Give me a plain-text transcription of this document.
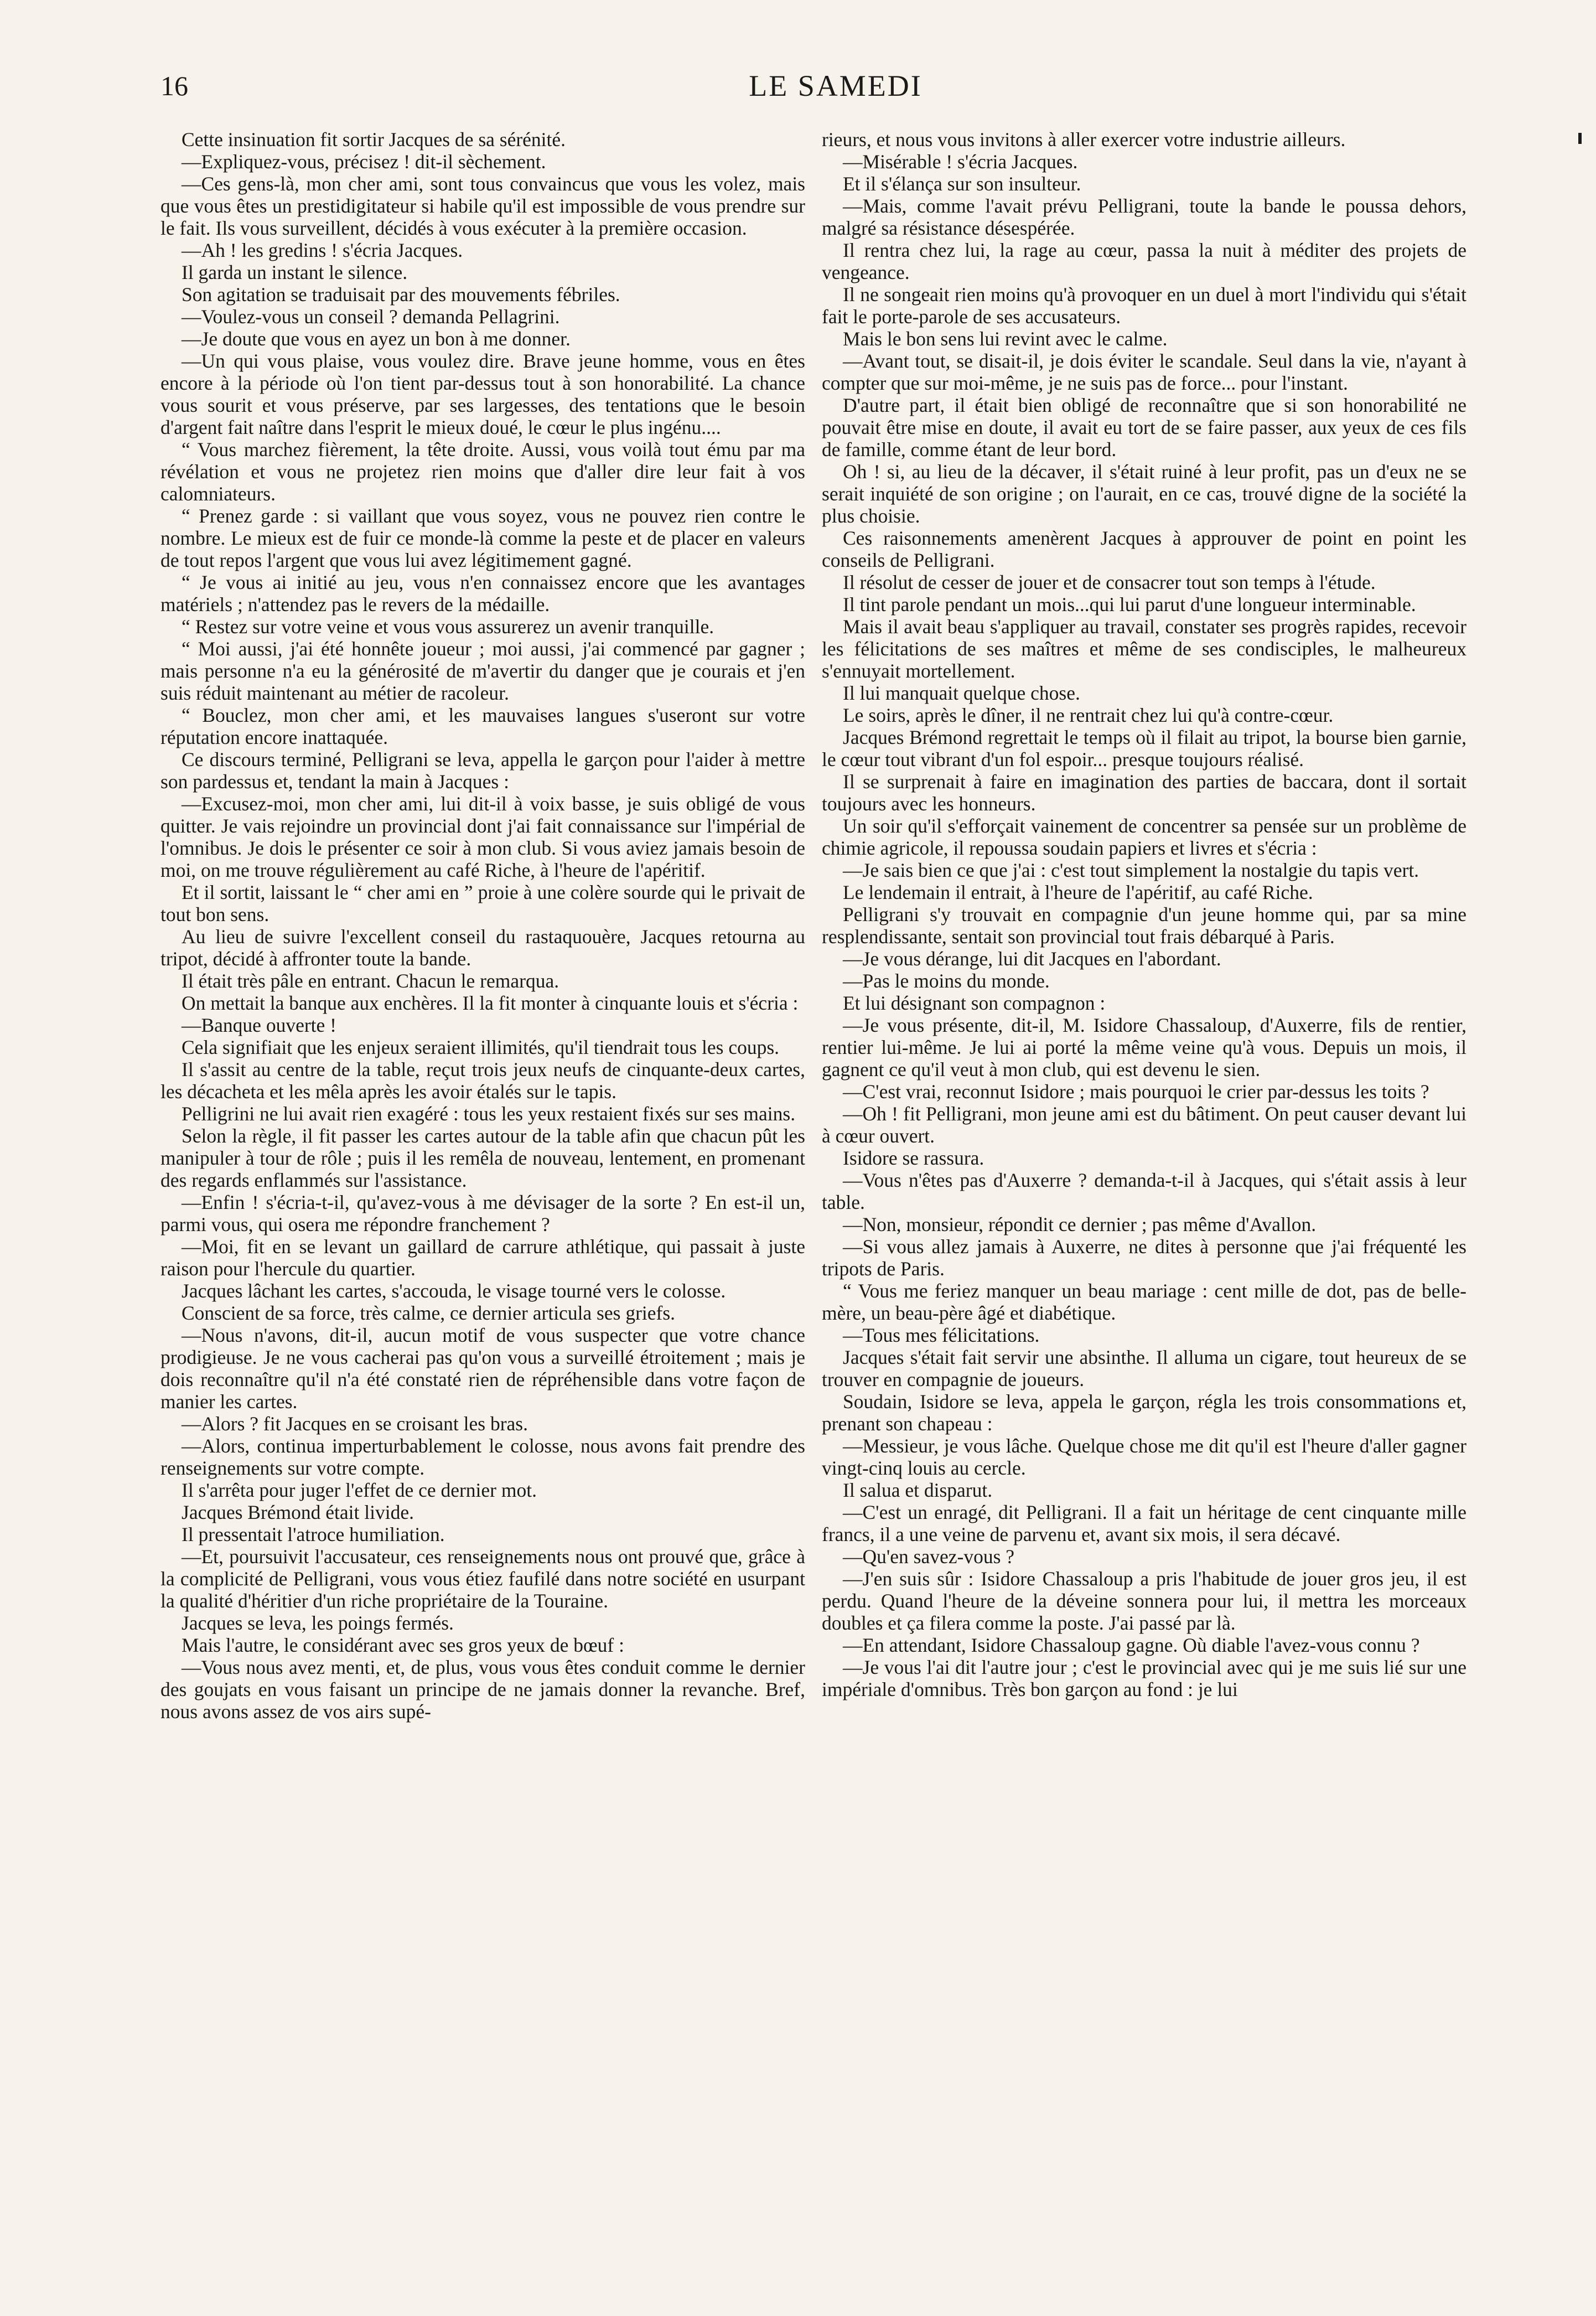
16	LE SAMEDI

Cette insinuation fit sortir Jacques de sa sérénité.

—Expliquez-vous, précisez ! dit-il sèchement.

—Ces gens-là, mon cher ami, sont tous convaincus que vous les volez, mais que vous êtes un prestidigitateur si habile qu'il est impossible de vous prendre sur le fait. Ils vous surveillent, décidés à vous exécuter à la première occasion.

—Ah ! les gredins ! s'écria Jacques.

Il garda un instant le silence.

Son agitation se traduisait par des mouvements fébriles.

—Voulez-vous un conseil ? demanda Pellagrini.

—Je doute que vous en ayez un bon à me donner.

—Un qui vous plaise, vous voulez dire. Brave jeune homme, vous en êtes encore à la période où l'on tient par-dessus tout à son honorabilité. La chance vous sourit et vous préserve, par ses largesses, des tentations que le besoin d'argent fait naître dans l'esprit le mieux doué, le cœur le plus ingénu....

“ Vous marchez fièrement, la tête droite. Aussi, vous voilà tout ému par ma révélation et vous ne projetez rien moins que d'aller dire leur fait à vos calomniateurs.

“ Prenez garde : si vaillant que vous soyez, vous ne pouvez rien contre le nombre. Le mieux est de fuir ce monde-là comme la peste et de placer en valeurs de tout repos l'argent que vous lui avez légitimement gagné.

“ Je vous ai initié au jeu, vous n'en connaissez encore que les avantages matériels ; n'attendez pas le revers de la médaille.

“ Restez sur votre veine et vous vous assurerez un avenir tranquille.

“ Moi aussi, j'ai été honnête joueur ; moi aussi, j'ai commencé par gagner ; mais personne n'a eu la générosité de m'avertir du danger que je courais et j'en suis réduit maintenant au métier de racoleur.

“ Bouclez, mon cher ami, et les mauvaises langues s'useront sur votre réputation encore inattaquée.

Ce discours terminé, Pelligrani se leva, appella le garçon pour l'aider à mettre son pardessus et, tendant la main à Jacques :

—Excusez-moi, mon cher ami, lui dit-il à voix basse, je suis obligé de vous quitter. Je vais rejoindre un provincial dont j'ai fait connaissance sur l'impérial de l'omnibus. Je dois le présenter ce soir à mon club. Si vous aviez jamais besoin de moi, on me trouve régulièrement au café Riche, à l'heure de l'apéritif.

Et il sortit, laissant le “ cher ami en ” proie à une colère sourde qui le privait de tout bon sens.

Au lieu de suivre l'excellent conseil du rastaquouère, Jacques retourna au tripot, décidé à affronter toute la bande.

Il était très pâle en entrant. Chacun le remarqua.

On mettait la banque aux enchères. Il la fit monter à cinquante louis et s'écria :

—Banque ouverte !

Cela signifiait que les enjeux seraient illimités, qu'il tiendrait tous les coups.

Il s'assit au centre de la table, reçut trois jeux neufs de cinquante-deux cartes, les décacheta et les mêla après les avoir étalés sur le tapis.

Pelligrini ne lui avait rien exagéré : tous les yeux restaient fixés sur ses mains.

Selon la règle, il fit passer les cartes autour de la table afin que chacun pût les manipuler à tour de rôle ; puis il les remêla de nouveau, lentement, en promenant des regards enflammés sur l'assistance.

—Enfin ! s'écria-t-il, qu'avez-vous à me dévisager de la sorte ? En est-il un, parmi vous, qui osera me répondre franchement ?

—Moi, fit en se levant un gaillard de carrure athlétique, qui passait à juste raison pour l'hercule du quartier.

Jacques lâchant les cartes, s'accouda, le visage tourné vers le colosse.

Conscient de sa force, très calme, ce dernier articula ses griefs.

—Nous n'avons, dit-il, aucun motif de vous suspecter que votre chance prodigieuse. Je ne vous cacherai pas qu'on vous a surveillé étroitement ; mais je dois reconnaître qu'il n'a été constaté rien de répréhensible dans votre façon de manier les cartes.

—Alors ? fit Jacques en se croisant les bras.

—Alors, continua imperturbablement le colosse, nous avons fait prendre des renseignements sur votre compte.

Il s'arrêta pour juger l'effet de ce dernier mot.

Jacques Brémond était livide.

Il pressentait l'atroce humiliation.

—Et, poursuivit l'accusateur, ces renseignements nous ont prouvé que, grâce à la complicité de Pelligrani, vous vous étiez faufilé dans notre société en usurpant la qualité d'héritier d'un riche propriétaire de la Touraine.

Jacques se leva, les poings fermés.

Mais l'autre, le considérant avec ses gros yeux de bœuf :

—Vous nous avez menti, et, de plus, vous vous êtes conduit comme le dernier des goujats en vous faisant un principe de ne jamais donner la revanche. Bref, nous avons assez de vos airs supé-

rieurs, et nous vous invitons à aller exercer votre industrie ailleurs.

—Misérable ! s'écria Jacques.

Et il s'élança sur son insulteur.

—Mais, comme l'avait prévu Pelligrani, toute la bande le poussa dehors, malgré sa résistance désespérée.

Il rentra chez lui, la rage au cœur, passa la nuit à méditer des projets de vengeance.

Il ne songeait rien moins qu'à provoquer en un duel à mort l'individu qui s'était fait le porte-parole de ses accusateurs.

Mais le bon sens lui revint avec le calme.

—Avant tout, se disait-il, je dois éviter le scandale. Seul dans la vie, n'ayant à compter que sur moi-même, je ne suis pas de force... pour l'instant.

D'autre part, il était bien obligé de reconnaître que si son honorabilité ne pouvait être mise en doute, il avait eu tort de se faire passer, aux yeux de ces fils de famille, comme étant de leur bord.

Oh ! si, au lieu de la décaver, il s'était ruiné à leur profit, pas un d'eux ne se serait inquiété de son origine ; on l'aurait, en ce cas, trouvé digne de la société la plus choisie.

Ces raisonnements amenèrent Jacques à approuver de point en point les conseils de Pelligrani.

Il résolut de cesser de jouer et de consacrer tout son temps à l'étude.

Il tint parole pendant un mois...qui lui parut d'une longueur interminable.

Mais il avait beau s'appliquer au travail, constater ses progrès rapides, recevoir les félicitations de ses maîtres et même de ses condisciples, le malheureux s'ennuyait mortellement.

Il lui manquait quelque chose.

Le soirs, après le dîner, il ne rentrait chez lui qu'à contre-cœur.

Jacques Brémond regrettait le temps où il filait au tripot, la bourse bien garnie, le cœur tout vibrant d'un fol espoir... presque toujours réalisé.

Il se surprenait à faire en imagination des parties de baccara, dont il sortait toujours avec les honneurs.

Un soir qu'il s'efforçait vainement de concentrer sa pensée sur un problème de chimie agricole, il repoussa soudain papiers et livres et s'écria :

—Je sais bien ce que j'ai : c'est tout simplement la nostalgie du tapis vert.

Le lendemain il entrait, à l'heure de l'apéritif, au café Riche.

Pelligrani s'y trouvait en compagnie d'un jeune homme qui, par sa mine resplendissante, sentait son provincial tout frais débarqué à Paris.

—Je vous dérange, lui dit Jacques en l'abordant.

—Pas le moins du monde.

Et lui désignant son compagnon :

—Je vous présente, dit-il, M. Isidore Chassaloup, d'Auxerre, fils de rentier, rentier lui-même. Je lui ai porté la même veine qu'à vous. Depuis un mois, il gagnent ce qu'il veut à mon club, qui est devenu le sien.

—C'est vrai, reconnut Isidore ; mais pourquoi le crier par-dessus les toits ?

—Oh ! fit Pelligrani, mon jeune ami est du bâtiment. On peut causer devant lui à cœur ouvert.

Isidore se rassura.

—Vous n'êtes pas d'Auxerre ? demanda-t-il à Jacques, qui s'était assis à leur table.

—Non, monsieur, répondit ce dernier ; pas même d'Avallon.

—Si vous allez jamais à Auxerre, ne dites à personne que j'ai fréquenté les tripots de Paris.

“ Vous me feriez manquer un beau mariage : cent mille de dot, pas de belle-mère, un beau-père âgé et diabétique.

—Tous mes félicitations.

Jacques s'était fait servir une absinthe. Il alluma un cigare, tout heureux de se trouver en compagnie de joueurs.

Soudain, Isidore se leva, appela le garçon, régla les trois consommations et, prenant son chapeau :

—Messieur, je vous lâche. Quelque chose me dit qu'il est l'heure d'aller gagner vingt-cinq louis au cercle.

Il salua et disparut.

—C'est un enragé, dit Pelligrani. Il a fait un héritage de cent cinquante mille francs, il a une veine de parvenu et, avant six mois, il sera décavé.

—Qu'en savez-vous ?

—J'en suis sûr : Isidore Chassaloup a pris l'habitude de jouer gros jeu, il est perdu. Quand l'heure de la déveine sonnera pour lui, il mettra les morceaux doubles et ça filera comme la poste. J'ai passé par là.

—En attendant, Isidore Chassaloup gagne. Où diable l'avez-vous connu ?

—Je vous l'ai dit l'autre jour ; c'est le provincial avec qui je me suis lié sur une impériale d'omnibus. Très bon garçon au fond : je lui
